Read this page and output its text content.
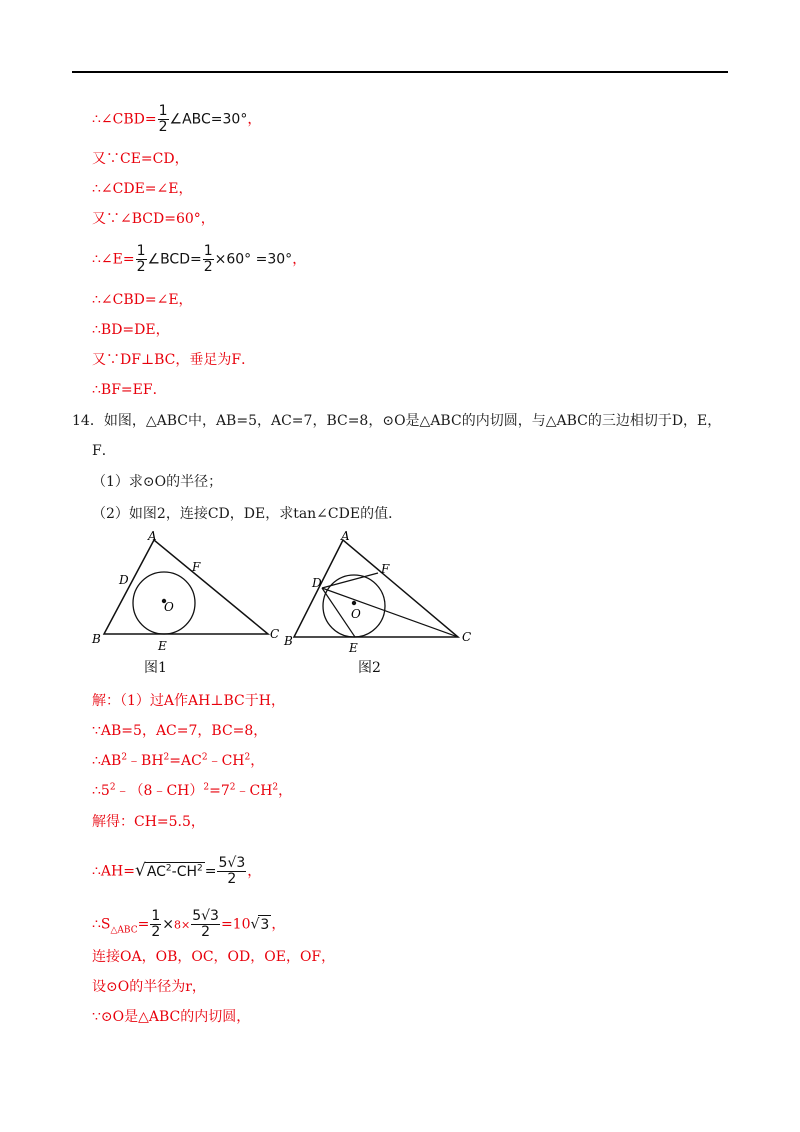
∴∠CBD= $\frac{1}{2}$ ∠ABC=30°，
又∵CE=CD，
∴∠CDE=∠E，
又∵∠BCD=60°，
∴∠E= $\frac{1}{2}$ ∠BCD= $\frac{1}{2} \times 60^\circ =30^\circ$，
∴∠CBD=∠E，
∴BD=DE，
又∵DF⊥BC，垂足为F．
∴BF=EF．
14．如图，△ABC中，AB=5，AC=7，BC=8，⊙O是△ABC的内切圆，与△ABC的三边相切于D，E，
F．
（1）求⊙O的半径；
（2）如图2，连接CD，DE，求tan∠CDE的值．
A
D
F
O
B	E
C
图1
A
D
F
O
B	E
C
图2
解：（1）过A作AH⊥BC于H，
∵AB=5，AC=7，BC=8，
$\therefore AB^2﹣BH^2=AC^2﹣CH^2$，
$\therefore 5^2﹣(8﹣CH)^2=7^2﹣CH^2$，
解得：CH=5.5，
$\therefore AH=√AC^2-CH^2 = \frac{5√3}{2}$ ，
$\therefore S_{\triangle ABC}= \frac{1}{2} \times 8\times \frac{5√3}{2} =10√3$ ，
连接OA，OB，OC，OD，OE，OF，
设⊙O的半径为r，
∵⊙O是△ABC的内切圆，
